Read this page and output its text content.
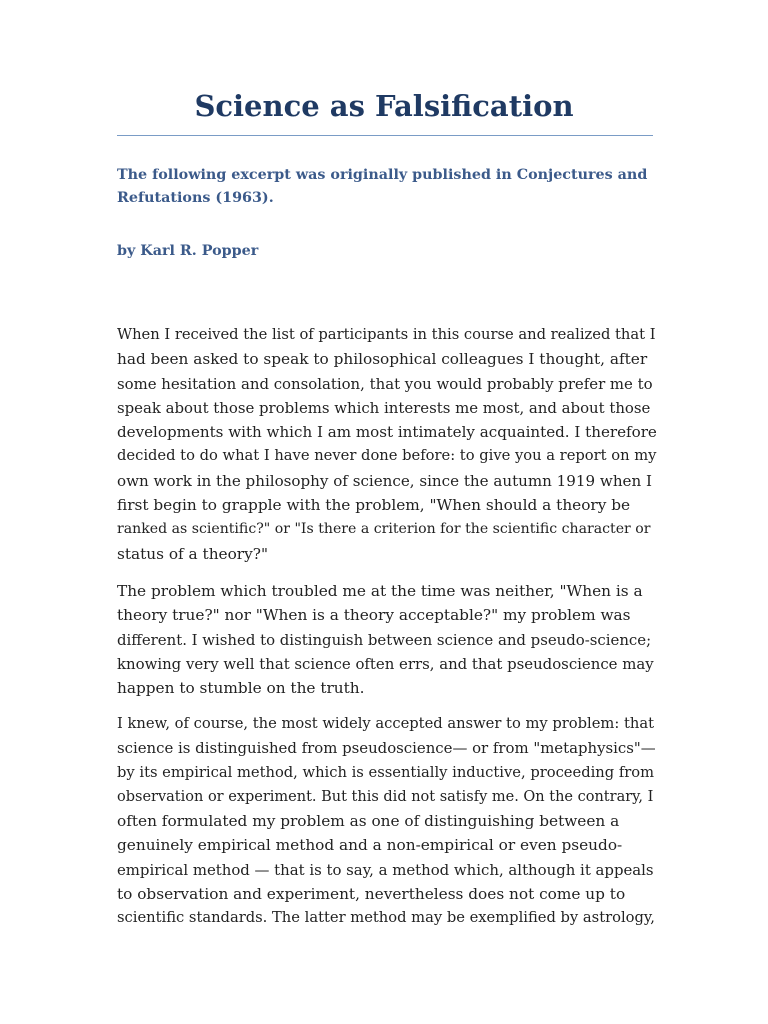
Science as Falsification

The following excerpt was originally published in Conjectures and
Refutations (1963).

by Karl R. Popper

When I received the list of participants in this course and realized that I
had been asked to speak to philosophical colleagues I thought, after
some hesitation and consolation, that you would probably prefer me to
speak about those problems which interests me most, and about those
developments with which I am most intimately acquainted. I therefore
decided to do what I have never done before: to give you a report on my
own work in the philosophy of science, since the autumn 1919 when I
first begin to grapple with the problem, "When should a theory be
ranked as scientific?" or "Is there a criterion for the scientific character or
status of a theory?"

The problem which troubled me at the time was neither, "When is a
theory true?" nor "When is a theory acceptable?" my problem was
different. I wished to distinguish between science and pseudo-science;
knowing very well that science often errs, and that pseudoscience may
happen to stumble on the truth.

I knew, of course, the most widely accepted answer to my problem: that
science is distinguished from pseudoscience— or from "metaphysics"—
by its empirical method, which is essentially inductive, proceeding from
observation or experiment. But this did not satisfy me. On the contrary, I
often formulated my problem as one of distinguishing between a
genuinely empirical method and a non-empirical or even pseudo-
empirical method — that is to say, a method which, although it appeals
to observation and experiment, nevertheless does not come up to
scientific standards. The latter method may be exemplified by astrology,
